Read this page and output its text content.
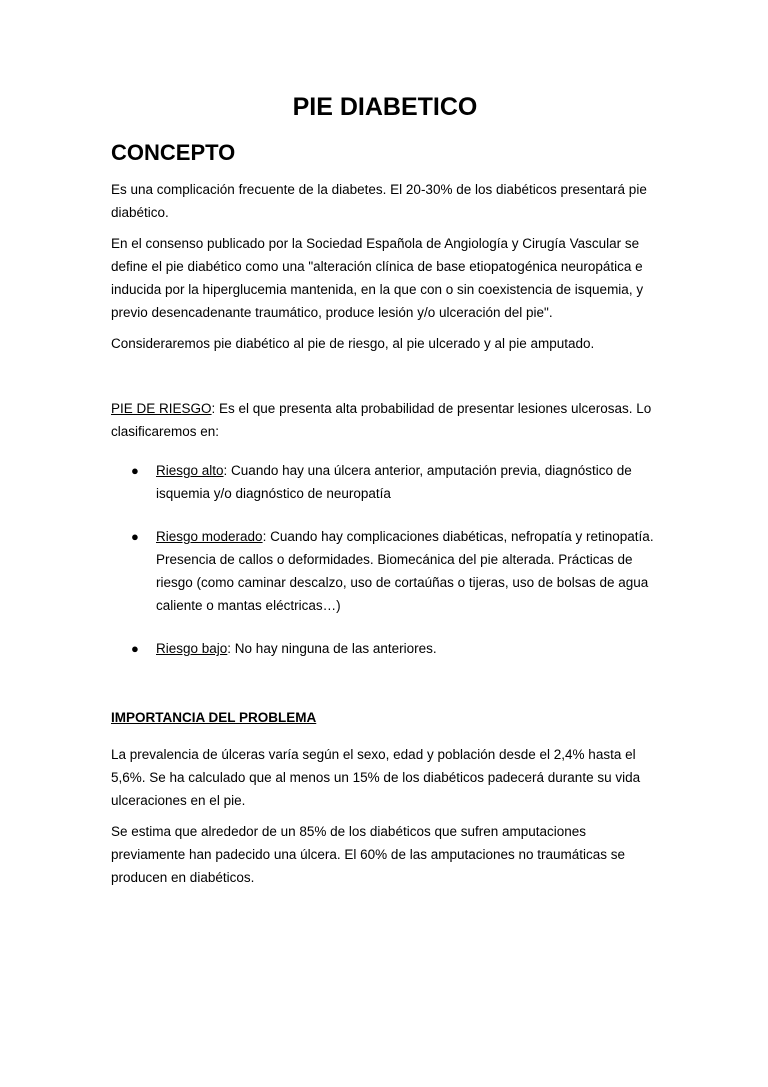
PIE DIABETICO
CONCEPTO

Es una complicación frecuente de la diabetes. El 20-30% de los diabéticos presentará pie diabético.

En el consenso publicado por la Sociedad Española de Angiología y Cirugía Vascular se define el pie diabético como una "alteración clínica de base etiopatogénica neuropática e inducida por la hiperglucemia mantenida, en la que con o sin coexistencia de isquemia, y previo desencadenante traumático, produce lesión y/o ulceración del pie".

Consideraremos pie diabético al pie de riesgo, al pie ulcerado y al pie amputado.

PIE DE RIESGO: Es el que presenta alta probabilidad de presentar lesiones ulcerosas. Lo clasificaremos en:

● Riesgo alto: Cuando hay una úlcera anterior, amputación previa, diagnóstico de isquemia y/o diagnóstico de neuropatía
● Riesgo moderado: Cuando hay complicaciones diabéticas, nefropatía y retinopatía. Presencia de callos o deformidades. Biomecánica del pie alterada. Prácticas de riesgo (como caminar descalzo, uso de cortaúñas o tijeras, uso de bolsas de agua caliente o mantas eléctricas…)
● Riesgo bajo: No hay ninguna de las anteriores.

IMPORTANCIA DEL PROBLEMA

La prevalencia de úlceras varía según el sexo, edad y población desde el 2,4% hasta el 5,6%. Se ha calculado que al menos un 15% de los diabéticos padecerá durante su vida ulceraciones en el pie.

Se estima que alrededor de un 85% de los diabéticos que sufren amputaciones previamente han padecido una úlcera. El 60% de las amputaciones no traumáticas se producen en diabéticos.
